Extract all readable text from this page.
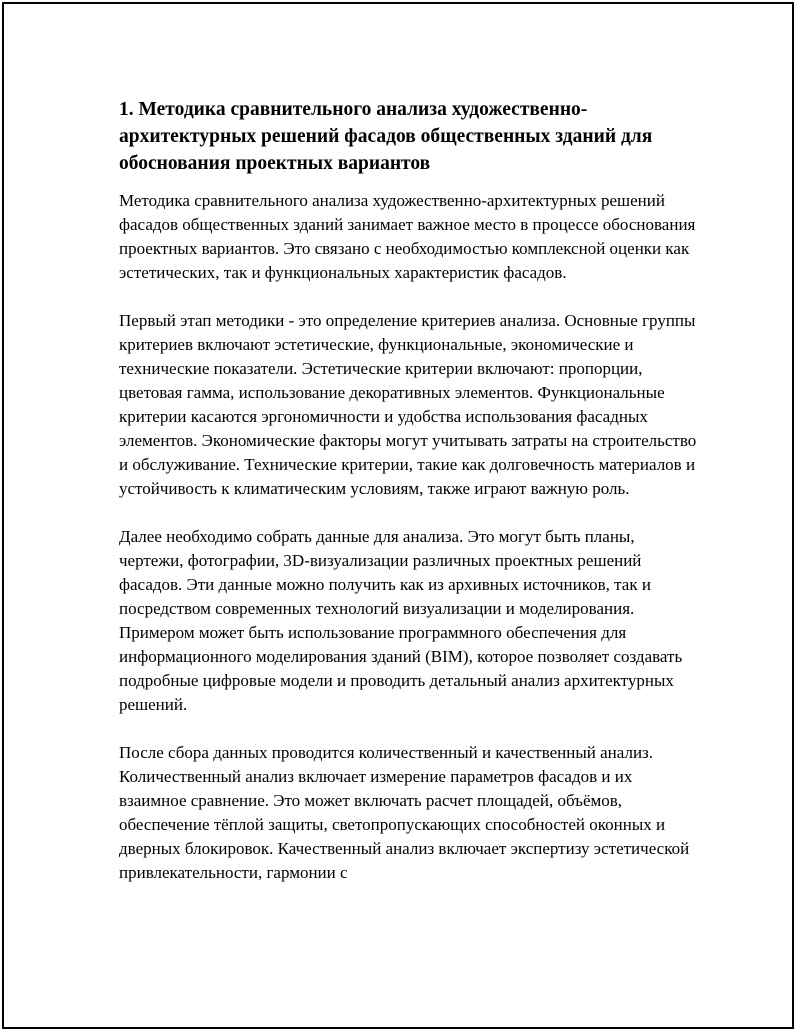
1. Методика сравнительного анализа художественно-архитектурных решений фасадов общественных зданий для обоснования проектных вариантов

Методика сравнительного анализа художественно-архитектурных решений фасадов общественных зданий занимает важное место в процессе обоснования проектных вариантов. Это связано с необходимостью комплексной оценки как эстетических, так и функциональных характеристик фасадов.

Первый этап методики - это определение критериев анализа. Основные группы критериев включают эстетические, функциональные, экономические и технические показатели. Эстетические критерии включают: пропорции, цветовая гамма, использование декоративных элементов. Функциональные критерии касаются эргономичности и удобства использования фасадных элементов. Экономические факторы могут учитывать затраты на строительство и обслуживание. Технические критерии, такие как долговечность материалов и устойчивость к климатическим условиям, также играют важную роль.

Далее необходимо собрать данные для анализа. Это могут быть планы, чертежи, фотографии, 3D-визуализации различных проектных решений фасадов. Эти данные можно получить как из архивных источников, так и посредством современных технологий визуализации и моделирования. Примером может быть использование программного обеспечения для информационного моделирования зданий (BIM), которое позволяет создавать подробные цифровые модели и проводить детальный анализ архитектурных решений.

После сбора данных проводится количественный и качественный анализ. Количественный анализ включает измерение параметров фасадов и их взаимное сравнение. Это может включать расчет площадей, объёмов, обеспечение тёплой защиты, светопропускающих способностей оконных и дверных блокировок. Качественный анализ включает экспертизу эстетической привлекательности, гармонии с
